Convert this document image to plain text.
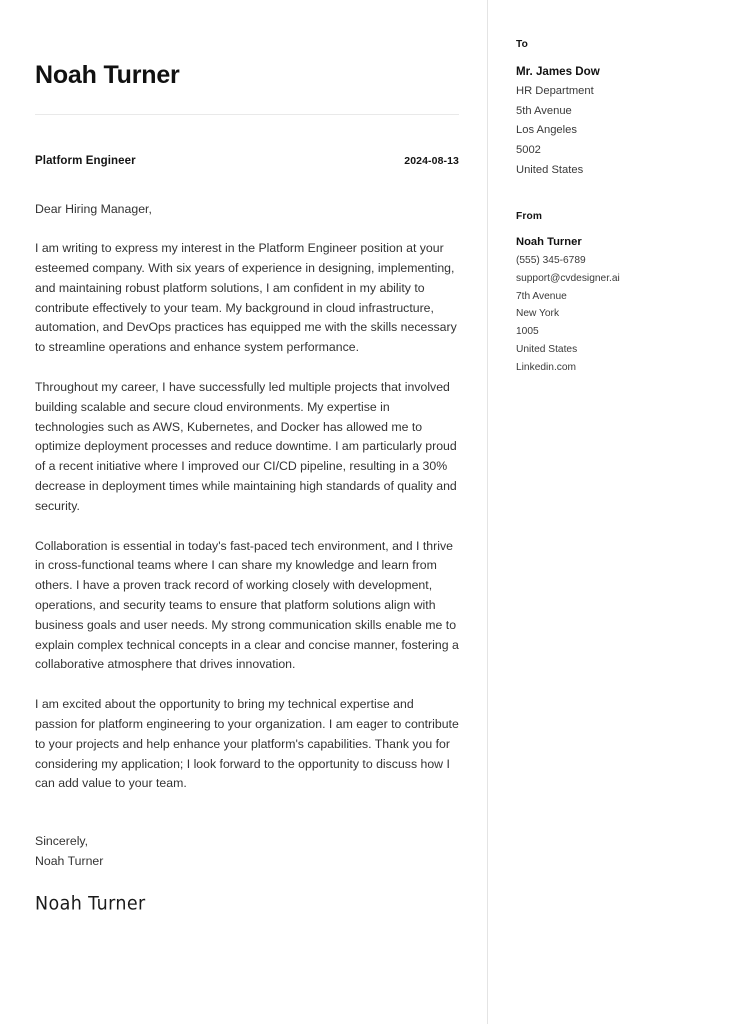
Noah Turner
Platform Engineer	2024-08-13

Dear Hiring Manager,

I am writing to express my interest in the Platform Engineer position at your esteemed company. With six years of experience in designing, implementing, and maintaining robust platform solutions, I am confident in my ability to contribute effectively to your team. My background in cloud infrastructure, automation, and DevOps practices has equipped me with the skills necessary to streamline operations and enhance system performance.

Throughout my career, I have successfully led multiple projects that involved building scalable and secure cloud environments. My expertise in technologies such as AWS, Kubernetes, and Docker has allowed me to optimize deployment processes and reduce downtime. I am particularly proud of a recent initiative where I improved our CI/CD pipeline, resulting in a 30% decrease in deployment times while maintaining high standards of quality and security.

Collaboration is essential in today's fast-paced tech environment, and I thrive in cross-functional teams where I can share my knowledge and learn from others. I have a proven track record of working closely with development, operations, and security teams to ensure that platform solutions align with business goals and user needs. My strong communication skills enable me to explain complex technical concepts in a clear and concise manner, fostering a collaborative atmosphere that drives innovation.

I am excited about the opportunity to bring my technical expertise and passion for platform engineering to your organization. I am eager to contribute to your projects and help enhance your platform's capabilities. Thank you for considering my application; I look forward to the opportunity to discuss how I can add value to your team.

Sincerely,
Noah Turner
Noah Turner
To
Mr. James Dow
HR Department
5th Avenue
Los Angeles
5002
United States
From
Noah Turner
(555) 345-6789
support@cvdesigner.ai
7th Avenue
New York
1005
United States
Linkedin.com
